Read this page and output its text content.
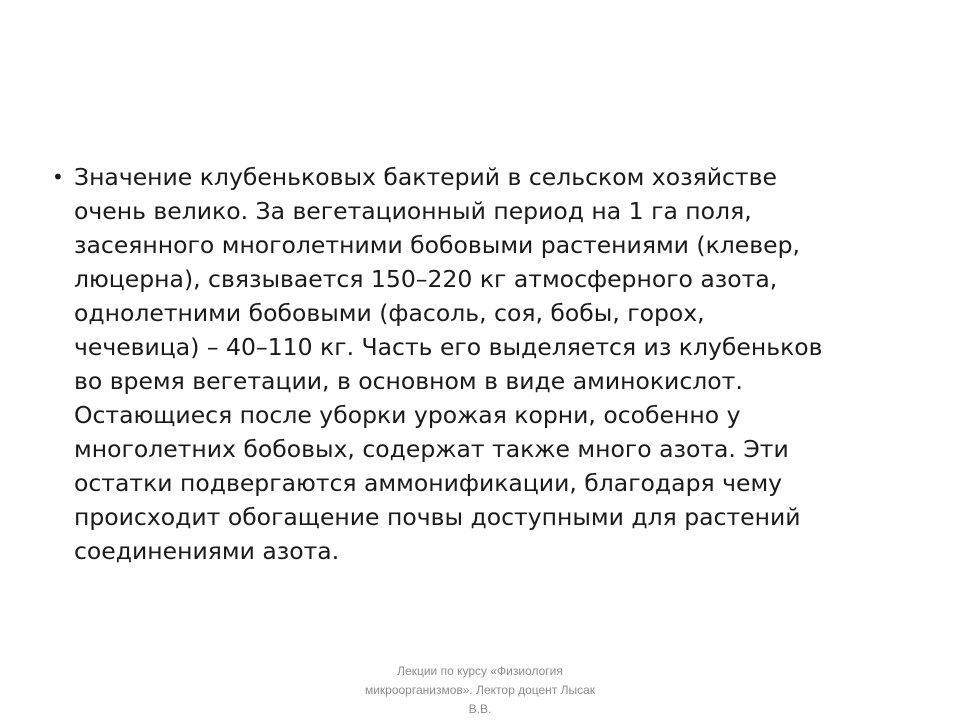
• Значение клубеньковых бактерий в сельском хозяйстве
очень велико. За вегетационный период на 1 га поля,
засеянного многолетними бобовыми растениями (клевер,
люцерна), связывается 150–220 кг атмосферного азота,
однолетними бобовыми (фасоль, соя, бобы, горох,
чечевица) – 40–110 кг. Часть его выделяется из клубеньков
во время вегетации, в основном в виде аминокислот.
Остающиеся после уборки урожая корни, особенно у
многолетних бобовых, содержат также много азота. Эти
остатки подвергаются аммонификации, благодаря чему
происходит обогащение почвы доступными для растений
соединениями азота.

Лекции по курсу «Физиология
микроорганизмов». Лектор доцент Лысак
В.В.
